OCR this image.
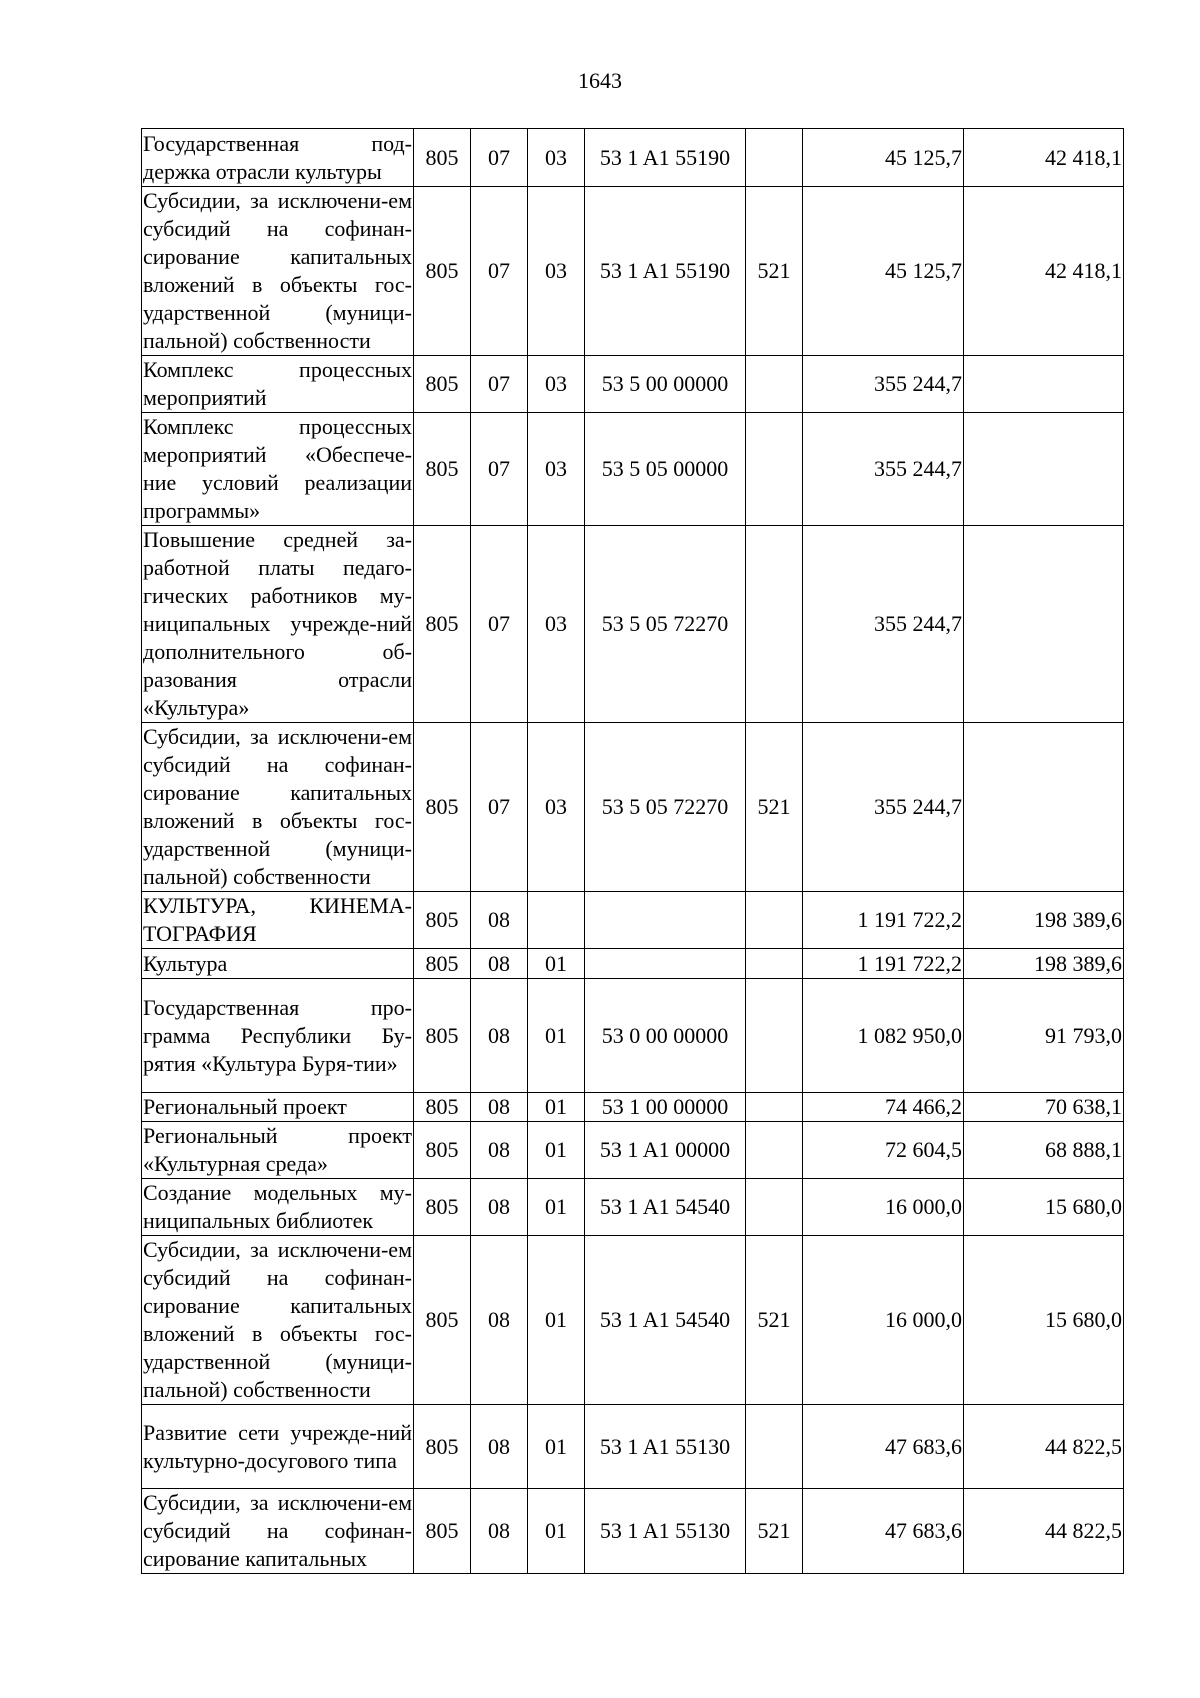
1643
Государственная под-держка отрасли культуры	805	07	03	53 1 A1 55190		45 125,7	42 418,1
Субсидии, за исключени-ем субсидий на софинан-сирование капитальных вложений в объекты гос-ударственной (муници-пальной) собственности	805	07	03	53 1 A1 55190	521	45 125,7	42 418,1
Комплекс процессных мероприятий	805	07	03	53 5 00 00000		355 244,7	
Комплекс процессных мероприятий «Обеспече-ние условий реализации программы»	805	07	03	53 5 05 00000		355 244,7	
Повышение средней за-работной платы педаго-гических работников му-ниципальных учрежде-ний дополнительного об-разования отрасли «Культура»	805	07	03	53 5 05 72270		355 244,7	
Субсидии, за исключени-ем субсидий на софинан-сирование капитальных вложений в объекты гос-ударственной (муници-пальной) собственности	805	07	03	53 5 05 72270	521	355 244,7	
КУЛЬТУРА, КИНЕМА-ТОГРАФИЯ	805	08				1 191 722,2	198 389,6
Культура	805	08	01			1 191 722,2	198 389,6
Государственная про-грамма Республики Бу-рятия «Культура Буря-тии»	805	08	01	53 0 00 00000		1 082 950,0	91 793,0
Региональный проект	805	08	01	53 1 00 00000		74 466,2	70 638,1
Региональный проект «Культурная среда»	805	08	01	53 1 A1 00000		72 604,5	68 888,1
Создание модельных му-ниципальных библиотек	805	08	01	53 1 A1 54540		16 000,0	15 680,0
Субсидии, за исключени-ем субсидий на софинан-сирование капитальных вложений в объекты гос-ударственной (муници-пальной) собственности	805	08	01	53 1 A1 54540	521	16 000,0	15 680,0
Развитие сети учрежде-ний культурно-досугового типа	805	08	01	53 1 A1 55130		47 683,6	44 822,5
Субсидии, за исключени-ем субсидий на софинан-сирование капитальных	805	08	01	53 1 A1 55130	521	47 683,6	44 822,5
